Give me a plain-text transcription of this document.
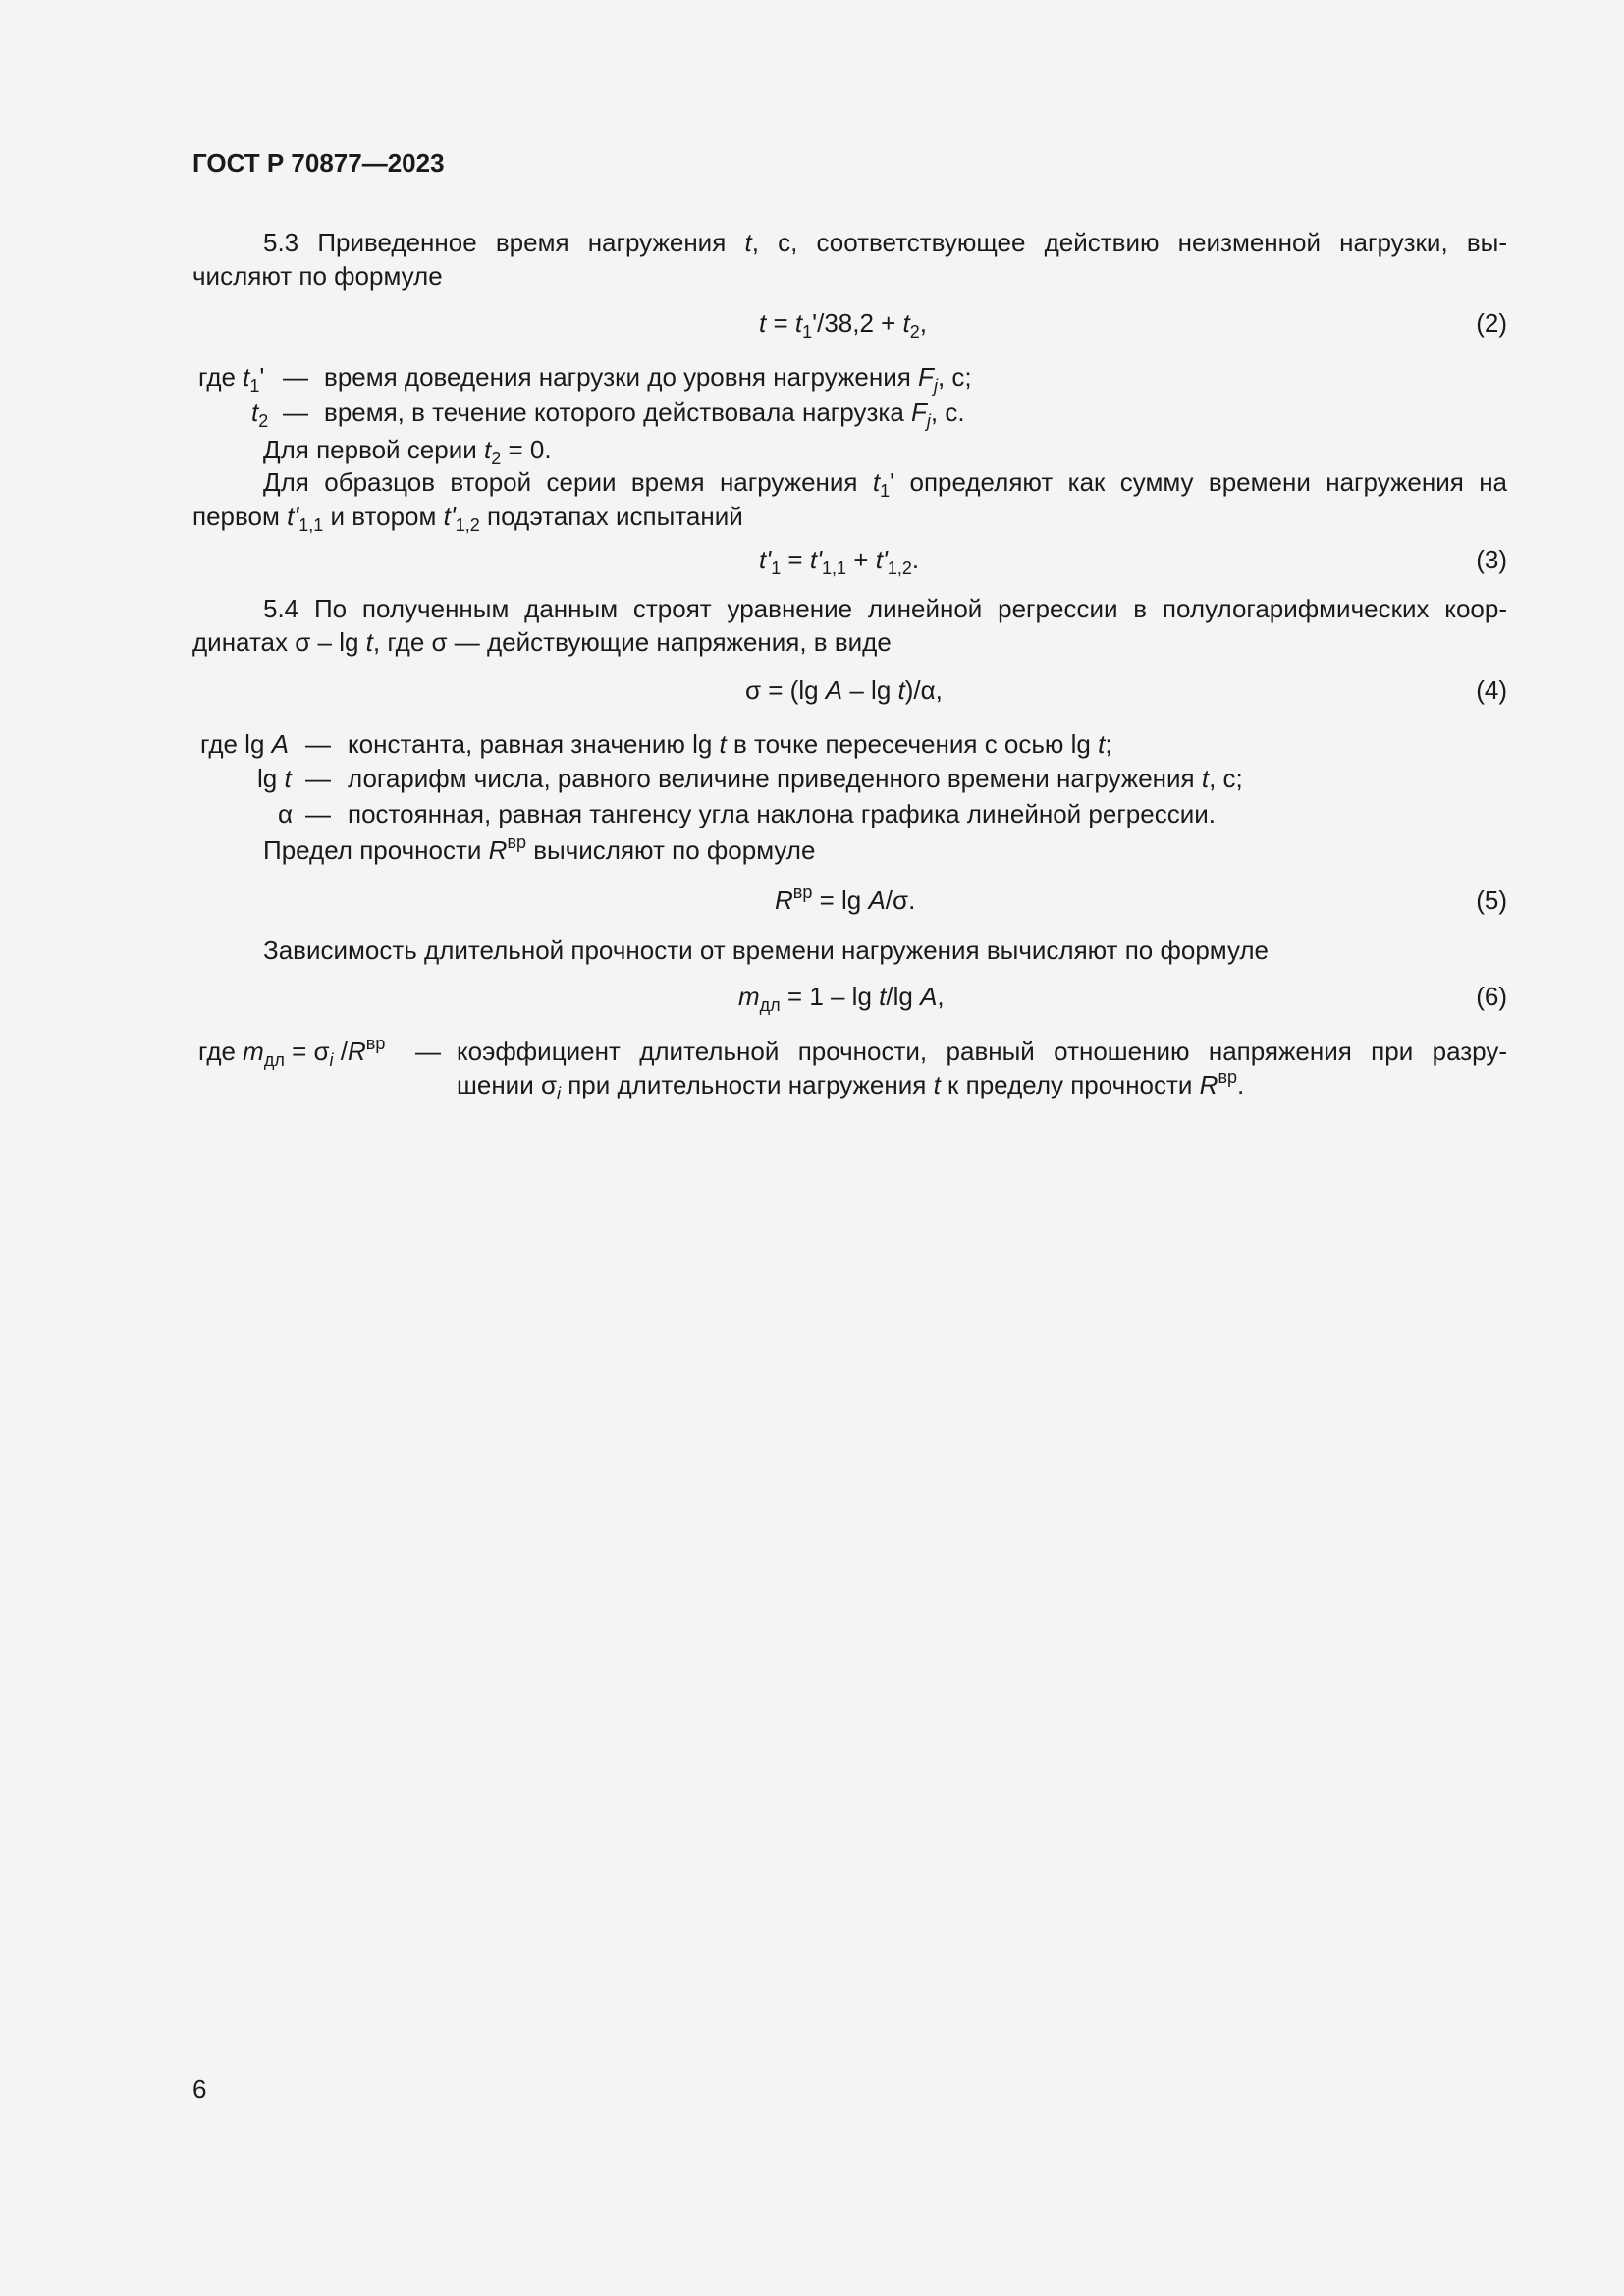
ГОСТ Р 70877—2023
5.3 Приведенное время нагружения t, с, соответствующее действию неизменной нагрузки, вы-
числяют по формуле
$t = t_1'/38,2 + t_2$,	(2)
где $t_1'$ — время доведения нагрузки до уровня нагружения $F_j$, с;
$t_2$ — время, в течение которого действовала нагрузка $F_j$, с.
Для первой серии $t_2 = 0$.
Для образцов второй серии время нагружения $t_1'$ определяют как сумму времени нагружения на
первом $t'_{1,1}$ и втором $t'_{1,2}$ подэтапах испытаний
$t'_1 = t'_{1,1} + t'_{1,2}$.	(3)
5.4 По полученным данным строят уравнение линейной регрессии в полулогарифмических коор-
динатах σ – lg t, где σ — действующие напряжения, в виде
σ = (lg A – lg t)/α,	(4)
где lg A — константа, равная значению lg t в точке пересечения с осью lg t;
lg t — логарифм числа, равного величине приведенного времени нагружения t, с;
α — постоянная, равная тангенсу угла наклона графика линейной регрессии.
Предел прочности $R^{вр}$ вычисляют по формуле
$R^{вр} = \lg A/\sigma$.	(5)
Зависимость длительной прочности от времени нагружения вычисляют по формуле
$m_{дл} = 1 - \lg t/\lg$ A,	(6)
где $m_{дл} = \sigma_i$ $/R^{вр}$ — коэффициент длительной прочности, равный отношению напряжения при разру-
шении $\sigma_i$ при длительности нагружения t к пределу прочности $R^{вр}$.
6
